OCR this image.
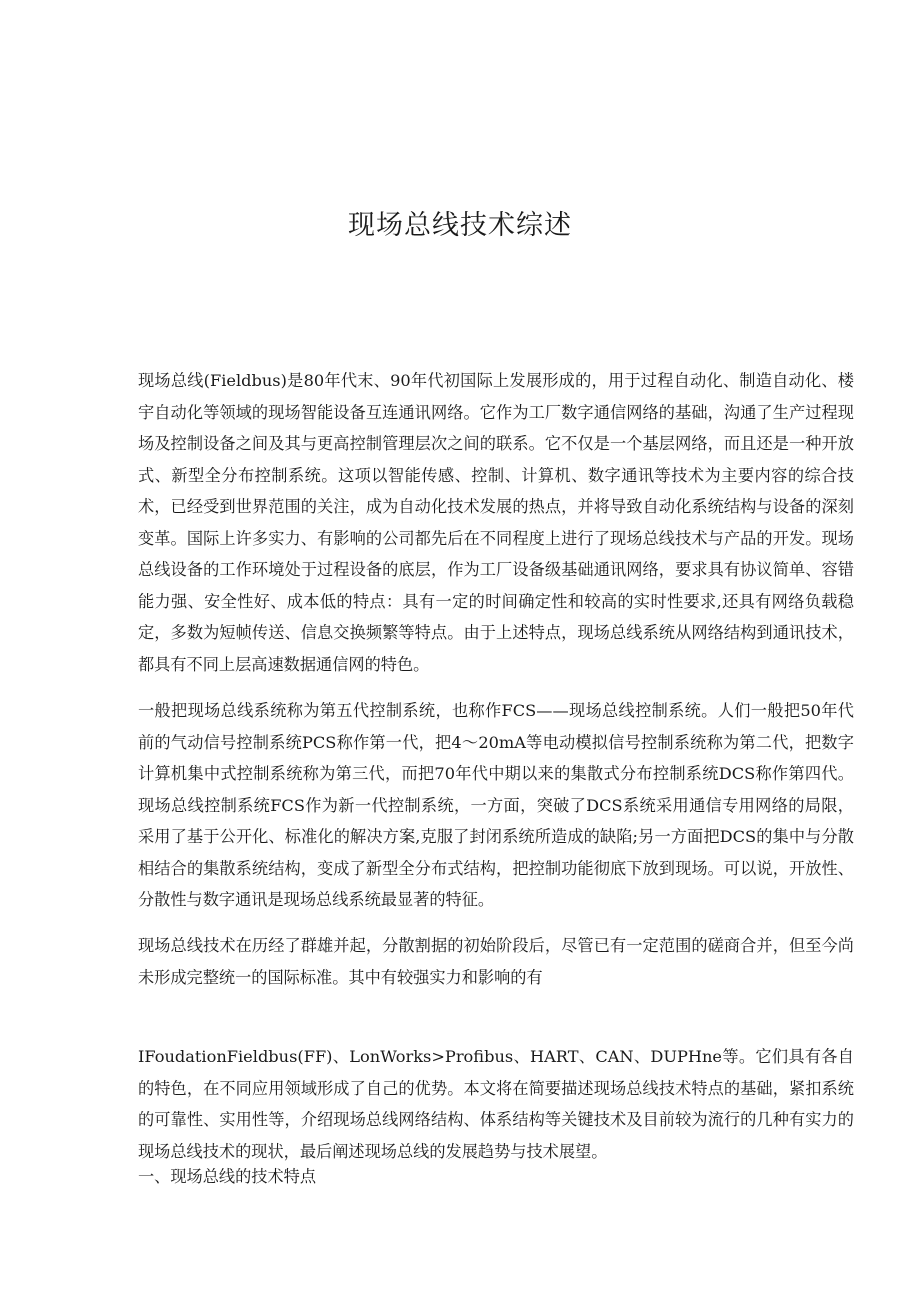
现场总线技术综述

现场总线(Fieldbus)是80年代末、90年代初国际上发展形成的，用于过程自动化、制造自动化、楼宇自动化等领域的现场智能设备互连通讯网络。它作为工厂数字通信网络的基础，沟通了生产过程现场及控制设备之间及其与更高控制管理层次之间的联系。它不仅是一个基层网络，而且还是一种开放式、新型全分布控制系统。这项以智能传感、控制、计算机、数字通讯等技术为主要内容的综合技术，已经受到世界范围的关注，成为自动化技术发展的热点，并将导致自动化系统结构与设备的深刻变革。国际上许多实力、有影响的公司都先后在不同程度上进行了现场总线技术与产品的开发。现场总线设备的工作环境处于过程设备的底层，作为工厂设备级基础通讯网络，要求具有协议简单、容错能力强、安全性好、成本低的特点：具有一定的时间确定性和较高的实时性要求,还具有网络负载稳定，多数为短帧传送、信息交换频繁等特点。由于上述特点，现场总线系统从网络结构到通讯技术，都具有不同上层高速数据通信网的特色。

一般把现场总线系统称为第五代控制系统，也称作FCS——现场总线控制系统。人们一般把50年代前的气动信号控制系统PCS称作第一代，把4～20mA等电动模拟信号控制系统称为第二代，把数字计算机集中式控制系统称为第三代，而把70年代中期以来的集散式分布控制系统DCS称作第四代。现场总线控制系统FCS作为新一代控制系统，一方面，突破了DCS系统采用通信专用网络的局限，采用了基于公开化、标准化的解决方案,克服了封闭系统所造成的缺陷;另一方面把DCS的集中与分散相结合的集散系统结构，变成了新型全分布式结构，把控制功能彻底下放到现场。可以说，开放性、分散性与数字通讯是现场总线系统最显著的特征。

现场总线技术在历经了群雄并起，分散割据的初始阶段后，尽管已有一定范围的磋商合并，但至今尚未形成完整统一的国际标准。其中有较强实力和影响的有

IFoudationFieldbus(FF)、LonWorks>Profibus、HART、CAN、DUPHne等。它们具有各自的特色，在不同应用领域形成了自己的优势。本文将在简要描述现场总线技术特点的基础，紧扣系统的可靠性、实用性等，介绍现场总线网络结构、体系结构等关键技术及目前较为流行的几种有实力的现场总线技术的现状，最后阐述现场总线的发展趋势与技术展望。

一、现场总线的技术特点
